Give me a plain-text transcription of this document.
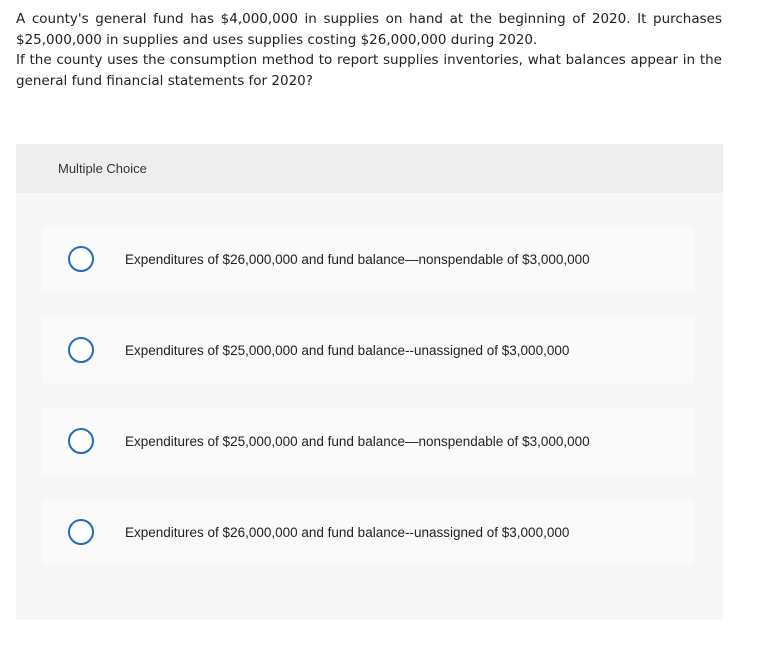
A county's general fund has $4,000,000 in supplies on hand at the beginning of 2020. It purchases $25,000,000 in supplies and uses supplies costing $26,000,000 during 2020.

If the county uses the consumption method to report supplies inventories, what balances appear in the general fund financial statements for 2020?

Multiple Choice
Expenditures of $26,000,000 and fund balance—nonspendable of $3,000,000
Expenditures of $25,000,000 and fund balance--unassigned of $3,000,000
Expenditures of $25,000,000 and fund balance—nonspendable of $3,000,000
Expenditures of $26,000,000 and fund balance--unassigned of $3,000,000
